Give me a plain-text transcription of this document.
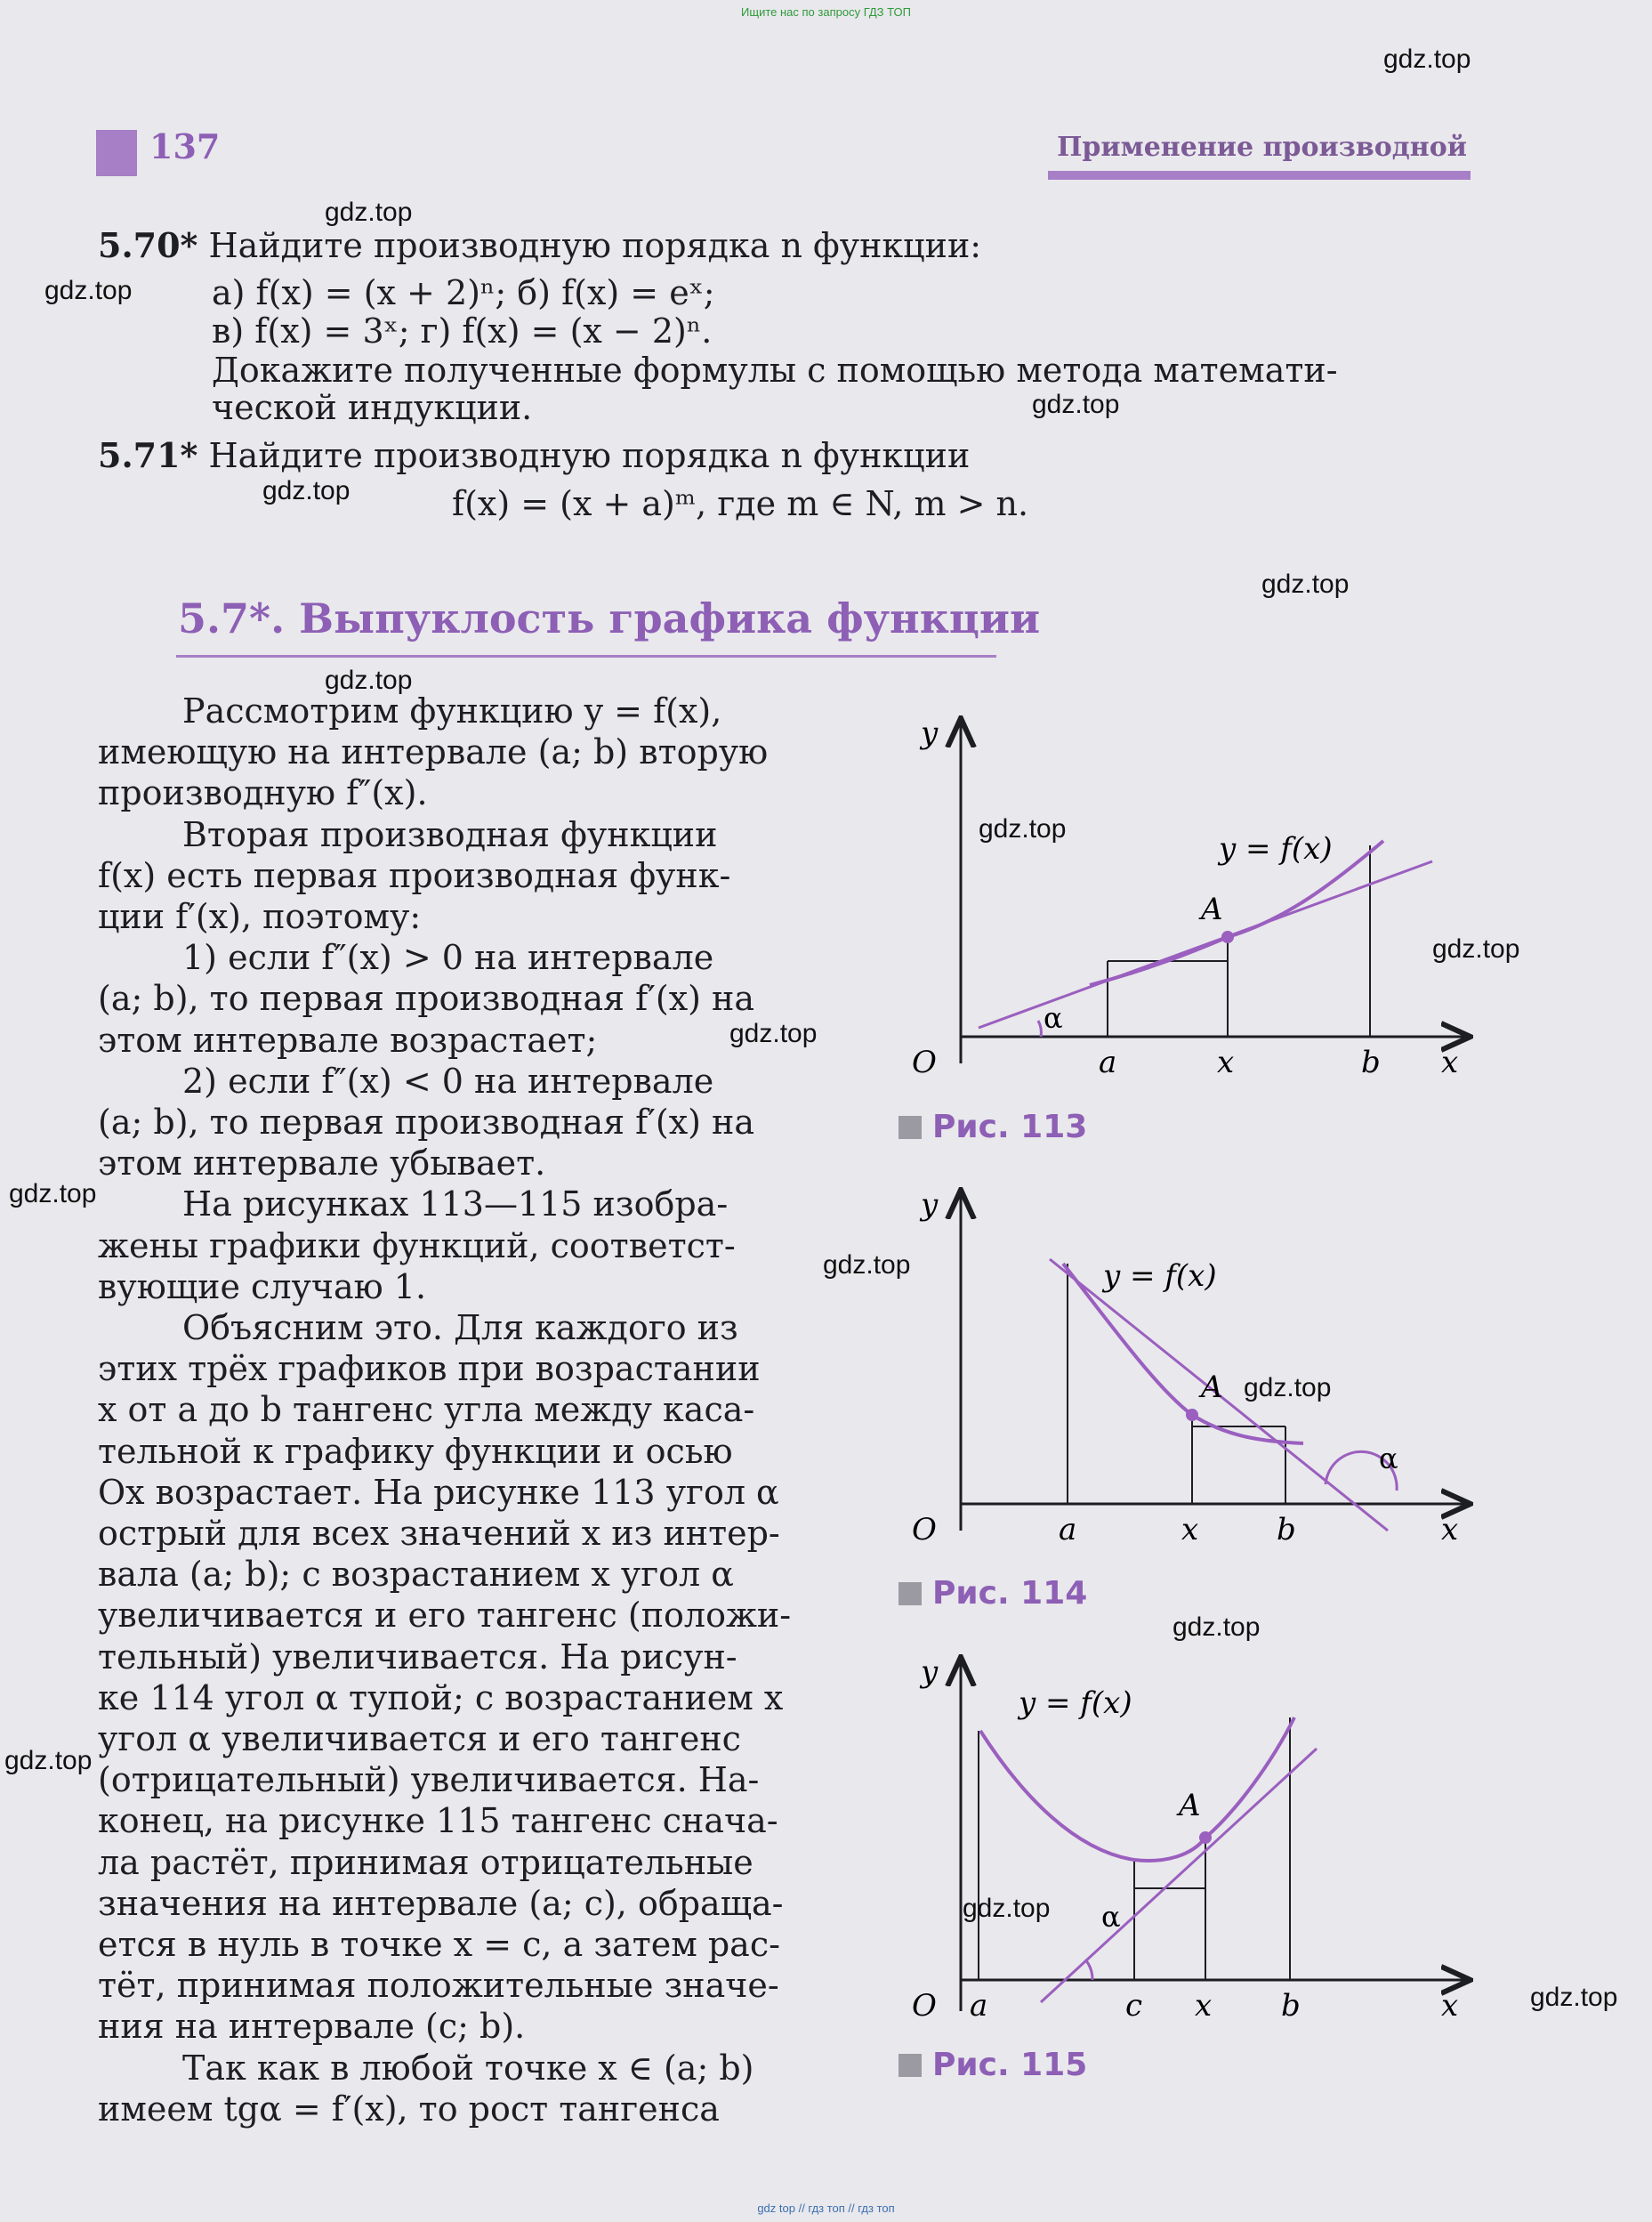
Ищите нас по запросу ГДЗ ТОП
137	Применение производной
5.70* Найдите производную порядка n функции:
а) f(x) = (x + 2)ⁿ; б) f(x) = eˣ;
в) f(x) = 3ˣ; г) f(x) = (x − 2)ⁿ.
Докажите полученные формулы с помощью метода математи-
ческой индукции.
5.71* Найдите производную порядка n функции
f(x) = (x + a)ᵐ, где m ∈ N, m > n.
5.7*. Выпуклость графика функции
Рассмотрим функцию y = f(x),
имеющую на интервале (a; b) вторую
производную f″(x).
Вторая производная функции
f(x) есть первая производная функ-
ции f′(x), поэтому:
1) если f″(x) > 0 на интервале
(a; b), то первая производная f′(x) на
этом интервале возрастает;
2) если f″(x) < 0 на интервале
(a; b), то первая производная f′(x) на
этом интервале убывает.
На рисунках 113—115 изобра-
жены графики функций, соответст-
вующие случаю 1.
Объясним это. Для каждого из
этих трёх графиков при возрастании
x от a до b тангенс угла между каса-
тельной к графику функции и осью
Ox возрастает. На рисунке 113 угол α
острый для всех значений x из интер-
вала (a; b); с возрастанием x угол α
увеличивается и его тангенс (положи-
тельный) увеличивается. На рисун-
ке 114 угол α тупой; с возрастанием x
угол α увеличивается и его тангенс
(отрицательный) увеличивается. На-
конец, на рисунке 115 тангенс снача-
ла растёт, принимая отрицательные
значения на интервале (a; c), обраща-
ется в нуль в точке x = c, а затем рас-
тёт, принимая положительные значе-
ния на интервале (c; b).
Так как в любой точке x ∈ (a; b)
имеем tgα = f′(x), то рост тангенса
α
A
y = f(x)
y
O	a	x	b x
Рис. 113
α
A
y = f(x)
y
O	a	x	b	x
Рис. 114
α
A
y = f(x)
y
O a	c x b	x
Рис. 115
gdz.top
gdz.top
gdz.top
gdz.top
gdz.top
gdz.top
gdz.top
gdz.top
gdz.top
gdz.top
gdz.top
gdz.top
gdz.top
gdz.top
gdz.top
gdz.top
gdz.top
gdz top // гдз топ // гдз топ
